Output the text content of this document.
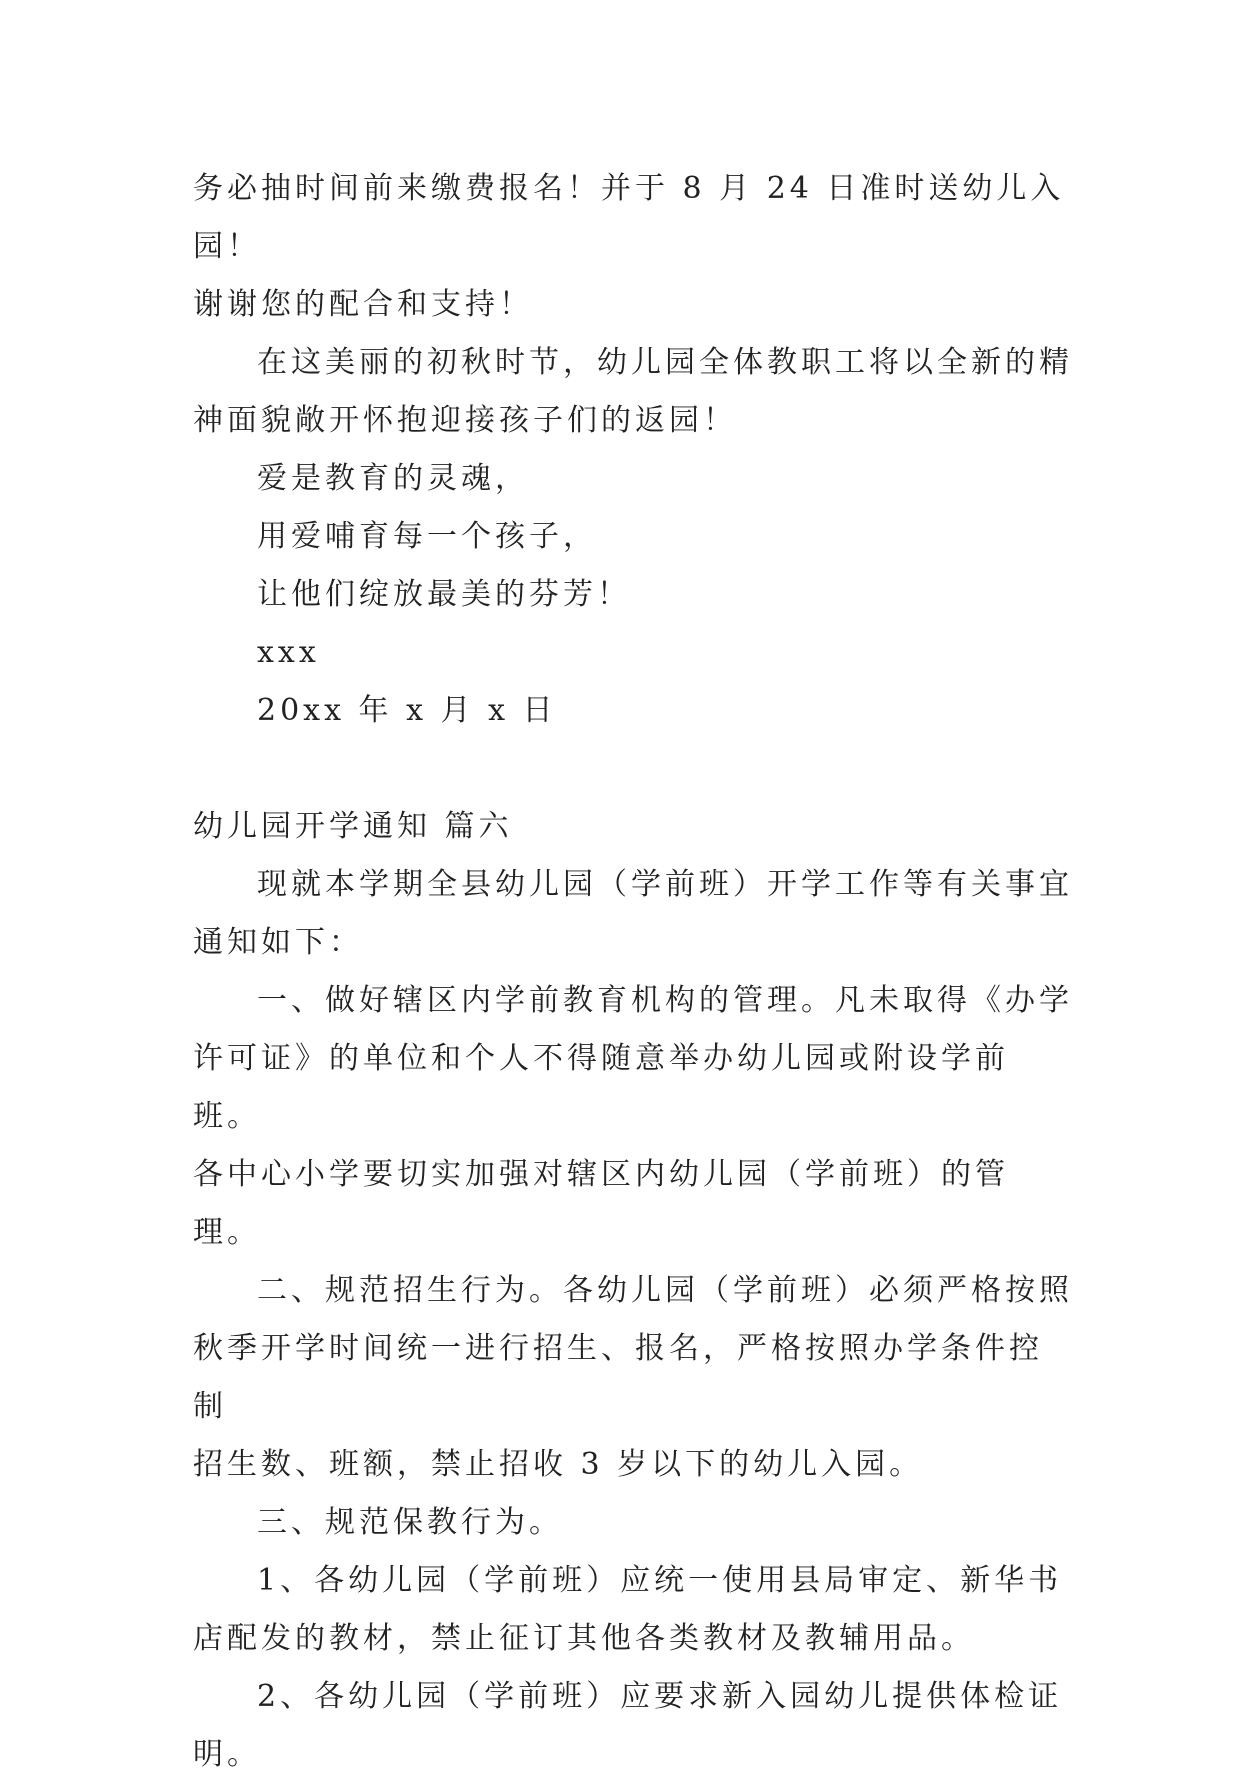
务必抽时间前来缴费报名！并于 8 月 24 日准时送幼儿入园！
谢谢您的配合和支持！
在这美丽的初秋时节，幼儿园全体教职工将以全新的精
神面貌敞开怀抱迎接孩子们的返园！
爱是教育的灵魂，
用爱哺育每一个孩子，
让他们绽放最美的芬芳！
xxx
20xx 年 x 月 x 日
幼儿园开学通知 篇六
现就本学期全县幼儿园（学前班）开学工作等有关事宜
通知如下：
一、做好辖区内学前教育机构的管理。凡未取得《办学
许可证》的单位和个人不得随意举办幼儿园或附设学前班。
各中心小学要切实加强对辖区内幼儿园（学前班）的管理。
二、规范招生行为。各幼儿园（学前班）必须严格按照
秋季开学时间统一进行招生、报名，严格按照办学条件控制
招生数、班额，禁止招收 3 岁以下的幼儿入园。
三、规范保教行为。
1、各幼儿园（学前班）应统一使用县局审定、新华书
店配发的教材，禁止征订其他各类教材及教辅用品。
2、各幼儿园（学前班）应要求新入园幼儿提供体检证
明。
